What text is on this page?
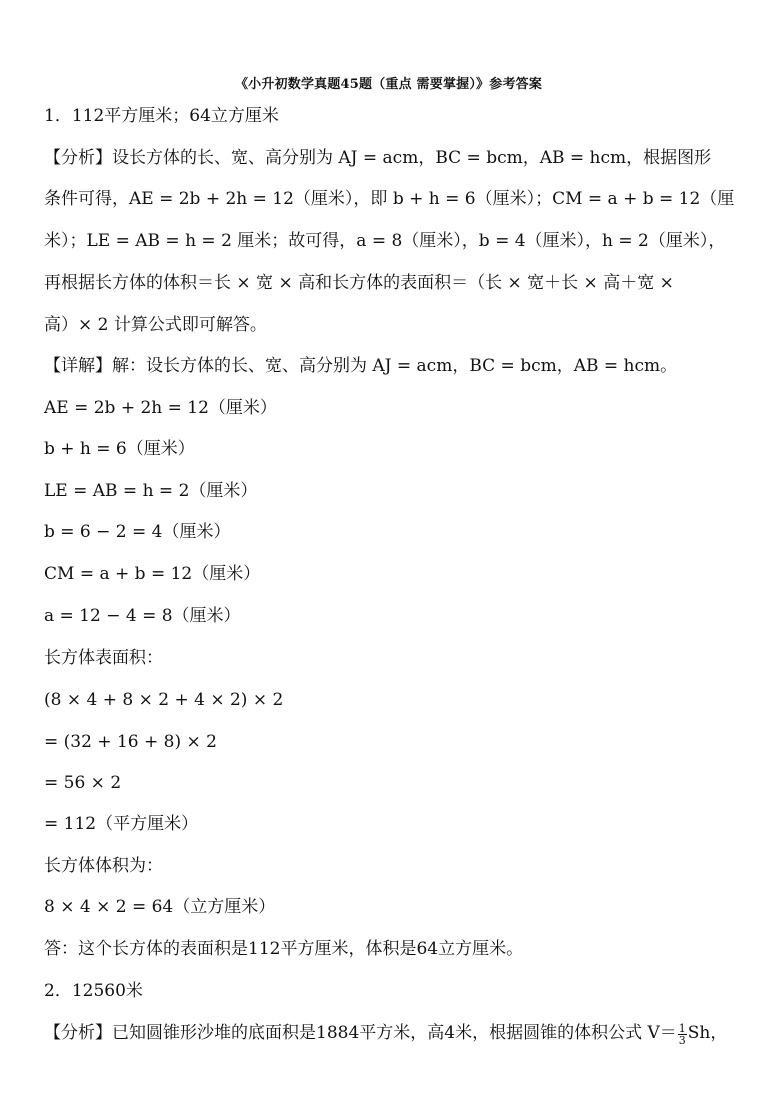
《小升初数学真题45题（重点 需要掌握）》参考答案
1．112平方厘米；64立方厘米
【分析】设长方体的长、宽、高分别为 AJ = acm，BC = bcm，AB = hcm，根据图形
条件可得，AE = 2b + 2h = 12（厘米），即 b + h = 6（厘米）；CM = a + b = 12（厘
米）；LE = AB = h = 2 厘米；故可得，a = 8（厘米），b = 4（厘米），h = 2（厘米），
再根据长方体的体积＝长 × 宽 × 高和长方体的表面积＝（长 × 宽＋长 × 高＋宽 ×
高）× 2 计算公式即可解答。
【详解】解：设长方体的长、宽、高分别为 AJ = acm，BC = bcm，AB = hcm。
AE = 2b + 2h = 12（厘米）
b + h = 6（厘米）
LE = AB = h = 2（厘米）
b = 6 − 2 = 4（厘米）
CM = a + b = 12（厘米）
a = 12 − 4 = 8（厘米）
长方体表面积：
(8 × 4 + 8 × 2 + 4 × 2) × 2
= (32 + 16 + 8) × 2
= 56 × 2
= 112（平方厘米）
长方体体积为：
8 × 4 × 2 = 64（立方厘米）
答：这个长方体的表面积是112平方厘米，体积是64立方厘米。
2．12560米
【分析】已知圆锥形沙堆的底面积是1884平方米，高4米，根据圆锥的体积公式 $V= \frac{1}{3}$ Sh，
